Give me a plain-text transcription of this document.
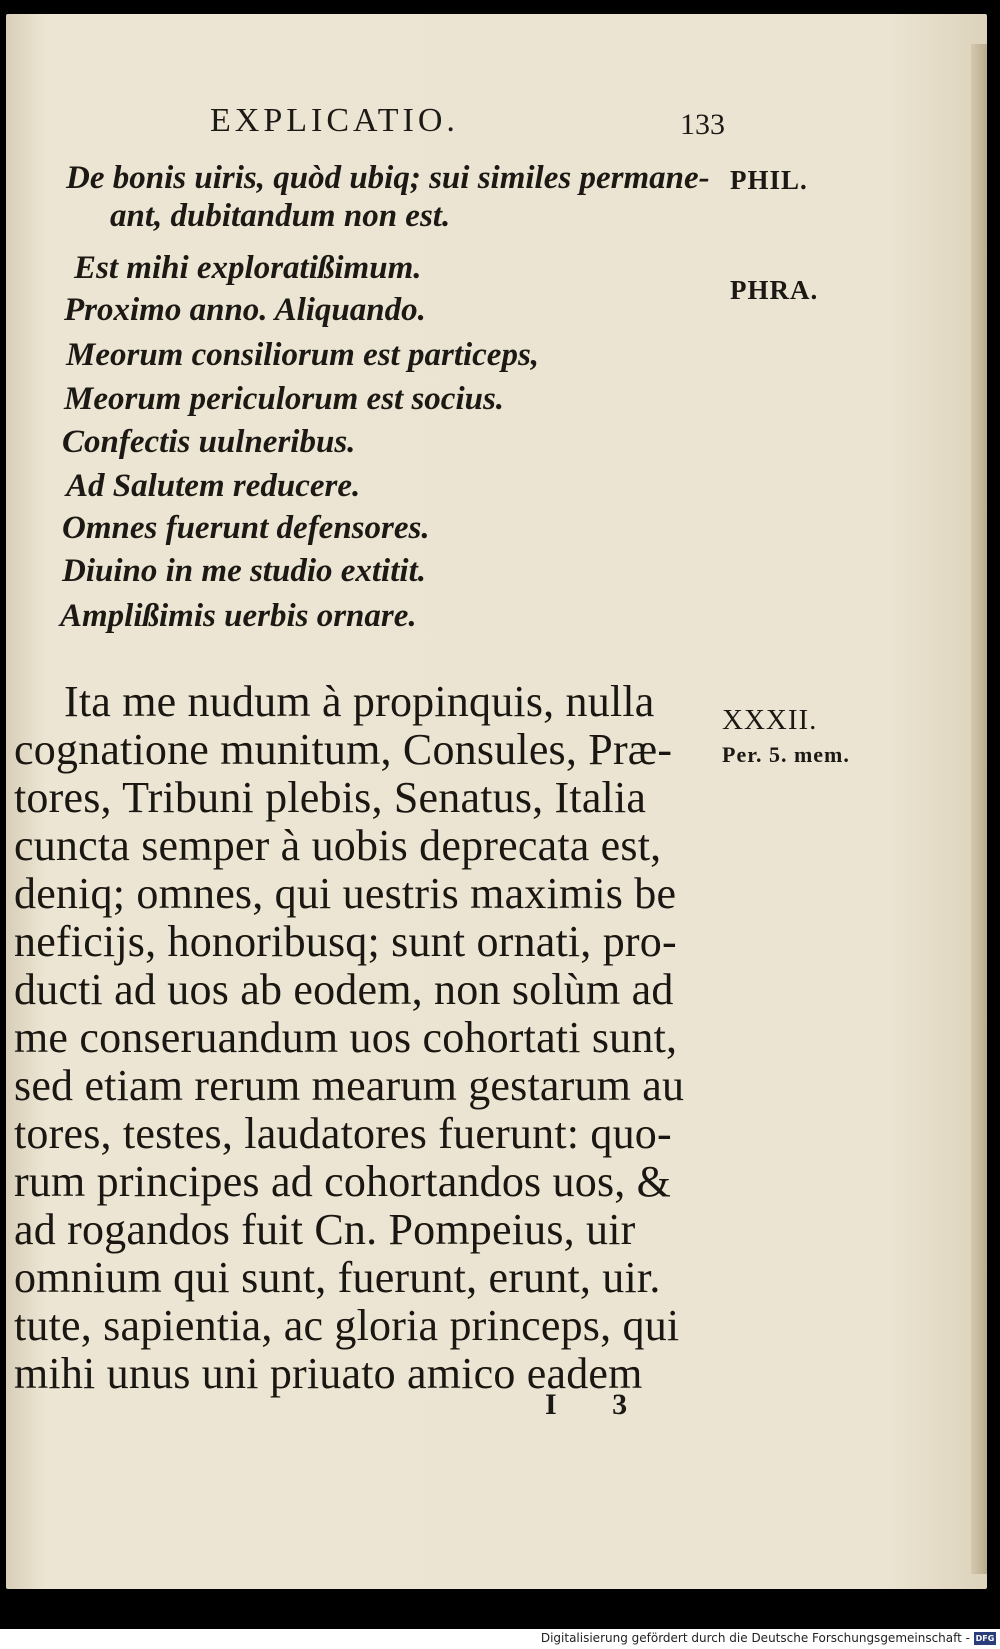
EXPLICATIO.	133
De bonis uiris, quòd ubiq; sui similes permane-
ant, dubitandum non est.
Est mihi exploratißimum.
Proximo anno. Aliquando.
Meorum consiliorum est particeps,
Meorum periculorum est socius.
Confectis uulneribus.
Ad Salutem reducere.
Omnes fuerunt defensores.
Diuino in me studio extitit.
Amplißimis uerbis ornare.
PHIL.
PHRA.
XXXII.
Per. 5. mem.
Ita me nudum à propinquis, nulla
cognatione munitum, Consules, Præ-
tores, Tribuni plebis, Senatus, Italia
cuncta semper à uobis deprecata est,
deniq; omnes, qui uestris maximis be
neficijs, honoribusq; sunt ornati, pro-
ducti ad uos ab eodem, non solùm ad
me conseruandum uos cohortati sunt,
sed etiam rerum mearum gestarum au
tores, testes, laudatores fuerunt: quo-
rum principes ad cohortandos uos, &
ad rogandos fuit Cn. Pompeius, uir
omnium qui sunt, fuerunt, erunt, uir.
tute, sapientia, ac gloria princeps, qui
mihi unus uni priuato amico eadem
I 3
Digitalisierung gefördert durch die Deutsche Forschungsgemeinschaft - DFG
